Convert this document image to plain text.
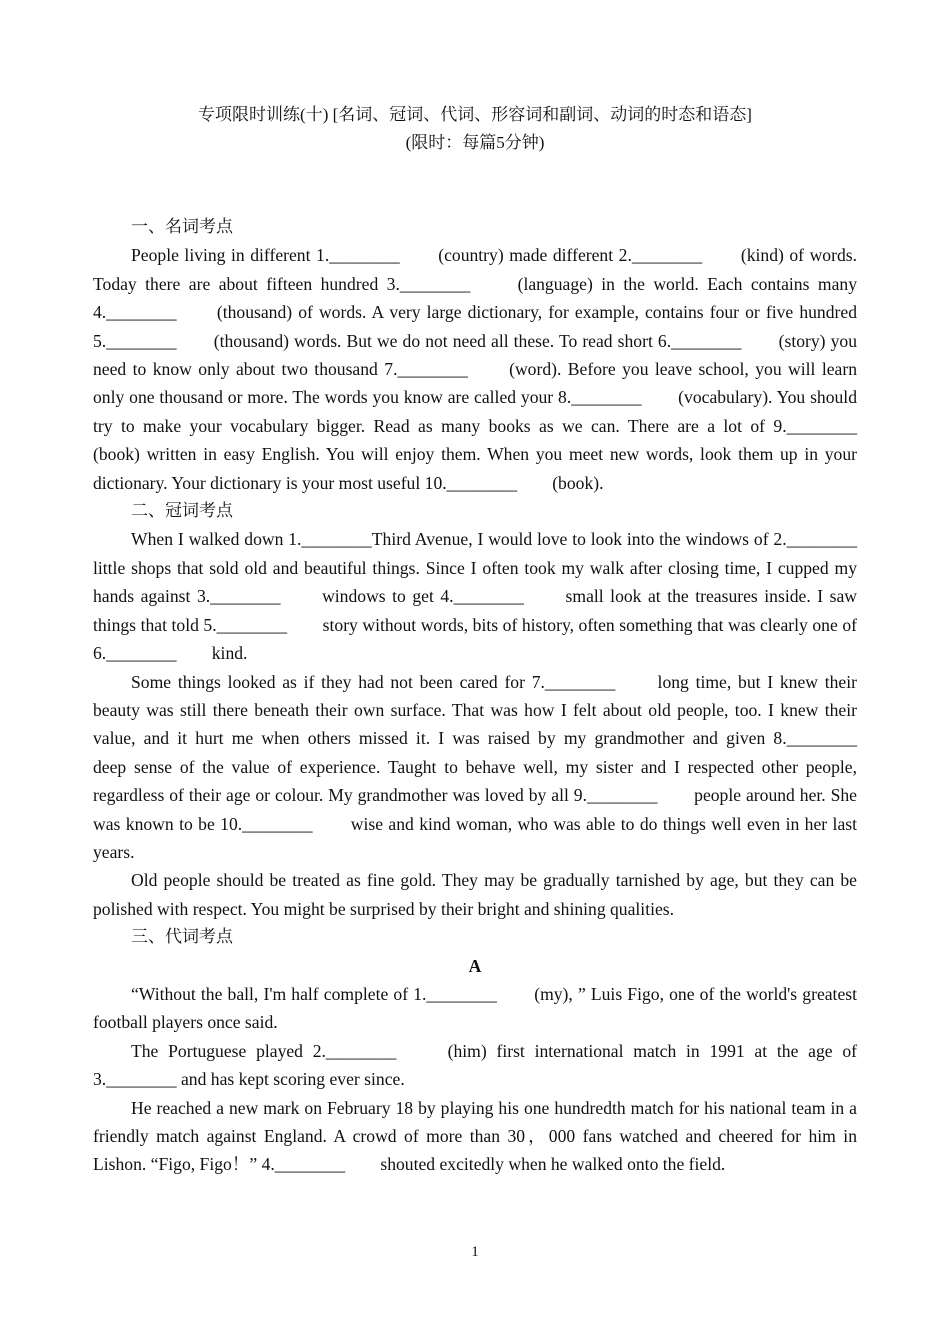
专项限时训练(十) [名词、冠词、代词、形容词和副词、动词的时态和语态]

(限时：每篇5分钟)

一、名词考点

People living in different 1.________　　(country) made different 2.________　　(kind) of words. Today there are about fifteen hundred 3.________　　(language) in the world. Each contains many 4.________　　(thousand) of words. A very large dictionary, for example, contains four or five hundred 5.________　　(thousand) words. But we do not need all these. To read short 6.________　　(story) you need to know only about two thousand 7.________　　(word). Before you leave school, you will learn only one thousand or more. The words you know are called your 8.________　　(vocabulary). You should try to make your vocabulary bigger. Read as many books as we can. There are a lot of 9.________　　(book) written in easy English. You will enjoy them. When you meet new words, look them up in your dictionary. Your dictionary is your most useful 10.________　　(book).

二、冠词考点

When I walked down 1.________Third Avenue, I would love to look into the windows of 2.________　　little shops that sold old and beautiful things. Since I often took my walk after closing time, I cupped my hands against 3.________　　windows to get 4.________　　small look at the treasures inside. I saw things that told 5.________　　story without words, bits of history, often something that was clearly one of 6.________　　kind.

Some things looked as if they had not been cared for 7.________　　long time, but I knew their beauty was still there beneath their own surface. That was how I felt about old people, too. I knew their value, and it hurt me when others missed it. I was raised by my grandmother and given 8.________　　deep sense of the value of experience. Taught to behave well, my sister and I respected other people, regardless of their age or colour. My grandmother was loved by all 9.________　　people around her. She was known to be 10.________　　wise and kind woman, who was able to do things well even in her last years.

Old people should be treated as fine gold. They may be gradually tarnished by age, but they can be polished with respect. You might be surprised by their bright and shining qualities.

三、代词考点

A

“Without the ball, I'm half complete of 1.________　　(my), ” Luis Figo, one of the world's greatest football players once said.

The Portuguese played 2.________　　(him) first international match in 1991 at the age of 3.________ and has kept scoring ever since.

He reached a new mark on February 18 by playing his one hundredth match for his national team in a friendly match against England. A crowd of more than 30，000 fans watched and cheered for him in Lishon. “Figo, Figo！” 4.________　　shouted excitedly when he walked onto the field.

1
